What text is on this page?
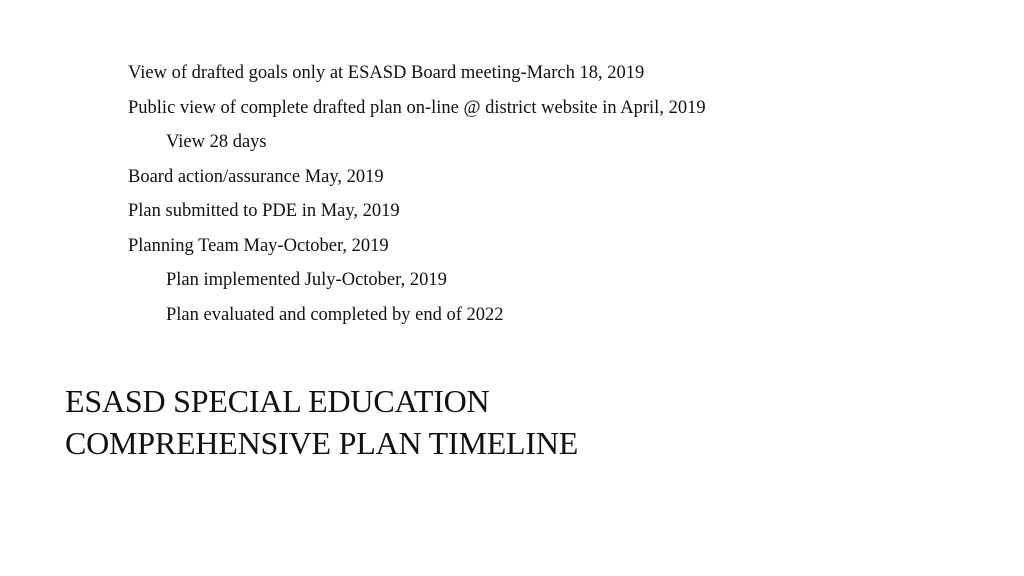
View of drafted goals only at ESASD Board meeting-March 18, 2019
Public view of complete drafted plan on-line @ district website in April, 2019
View 28 days
Board action/assurance May, 2019
Plan submitted to PDE in May, 2019
Planning Team May-October, 2019
Plan implemented July-October, 2019
Plan evaluated and completed by end of 2022
ESASD SPECIAL EDUCATION
COMPREHENSIVE PLAN TIMELINE
